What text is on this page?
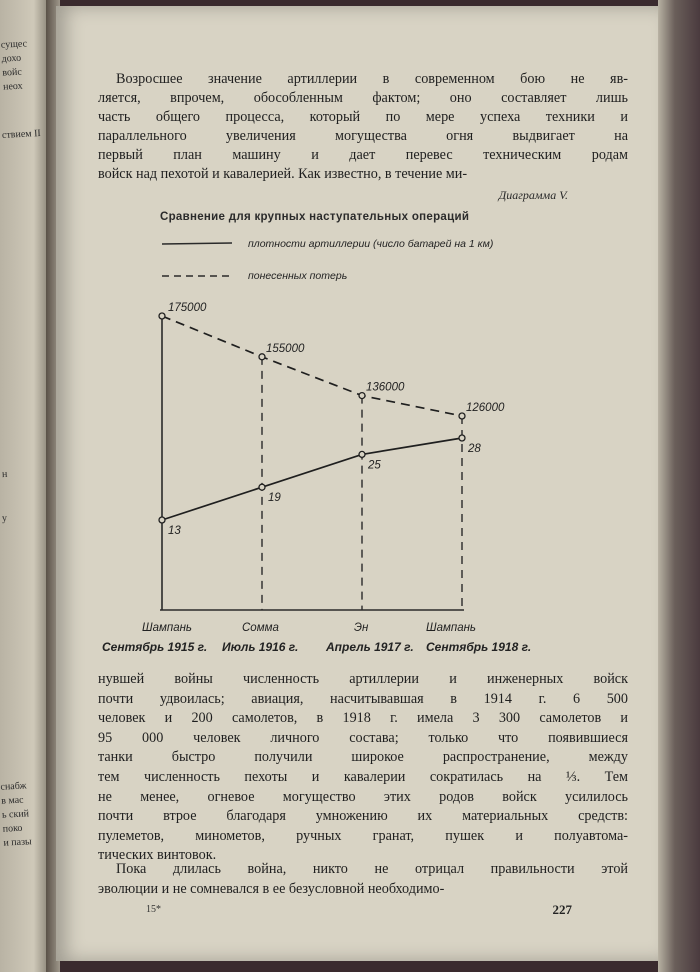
сущес
дохо
войс
неох
ствием II
н
у
снабж
в мас
ь ский
поко
и пазы
Возросшее значение артиллерии в современном бою не яв-
ляется, впрочем, обособленным фактом; оно составляет лишь
часть общего процесса, который по мере успеха техники и
параллельного увеличения могущества огня выдвигает на
первый план машину и дает перевес техническим родам
войск над пехотой и кавалерией. Как известно, в течение ми-
Диаграмма V.
Сравнение для крупных наступательных операций
нувшей войны численность артиллерии и инженерных войск
почти удвоилась; авиация, насчитывавшая в 1914 г. 6 500
человек и 200 самолетов, в 1918 г. имела 3 300 самолетов и
95 000 человек личного состава; только что появившиеся
танки быстро получили широкое распространение, между
тем численность пехоты и кавалерии сократилась на ⅓. Тем
не менее, огневое могущество этих родов войск усилилось
почти втрое благодаря умножению их материальных средств:
пулеметов, минометов, ручных гранат, пушек и полуавтома-
тических винтовок.
15*	227
Пока длилась война, никто не отрицал правильности этой
эволюции и не сомневался в ее безусловной необходимо-
плотности артиллерии (число батарей на 1 км)
понесенных потерь
175000
155000
136000
126000
13
19
25
28
Шампань	Сомма	Эн	Шампань
Сентябрь 1915 г. Июль 1916 г. Апрель 1917 г. Сентябрь 1918 г.
